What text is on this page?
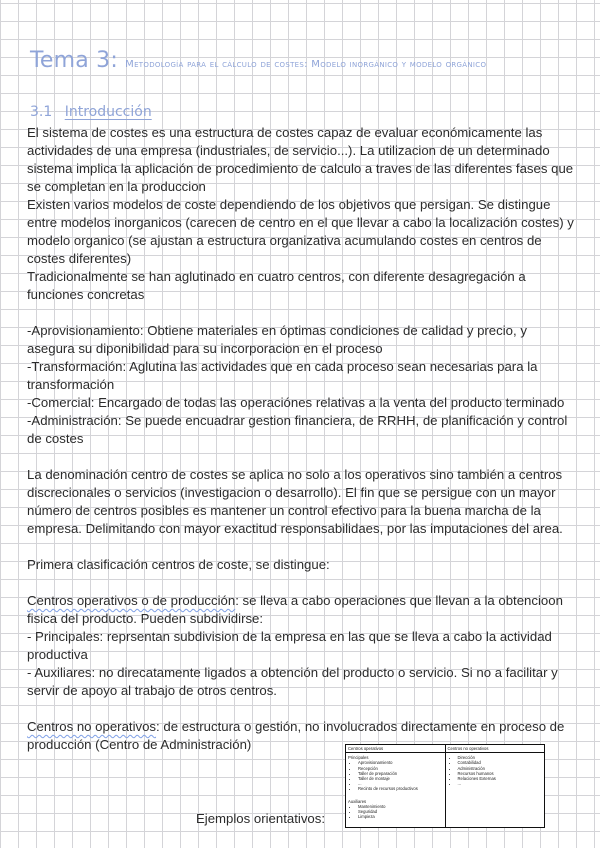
Tema 3: Metodología para el cálculo de costes: Modelo inorgánico y modelo orgánico
3.1 Introducción

El sistema de costes es una estructura de costes capaz de evaluar económicamente las actividades de una empresa (industriales, de servicio...). La utilizacion de un determinado sistema implica la aplicación de procedimiento de calculo a traves de las diferentes fases que se completan en la produccion

Existen varios modelos de coste dependiendo de los objetivos que persigan. Se distingue entre modelos inorganicos (carecen de centro en el que llevar a cabo la localización costes) y modelo organico (se ajustan a estructura organizativa acumulando costes en centros de costes diferentes)

Tradicionalmente se han aglutinado en cuatro centros, con diferente desagregación a funciones concretas

-Aprovisionamiento: Obtiene materiales en óptimas condiciones de calidad y precio, y asegura su diponibilidad para su incorporacion en el proceso

-Transformación: Aglutina las actividades que en cada proceso sean necesarias para la transformación

-Comercial: Encargado de todas las operaciónes relativas a la venta del producto terminado

-Administración: Se puede encuadrar gestion financiera, de RRHH, de planificación y control de costes

La denominación centro de costes se aplica no solo a los operativos sino también a centros discrecionales o servicios (investigacion o desarrollo). El fin que se persigue con un mayor número de centros posibles es mantener un control efectivo para la buena marcha de la empresa. Delimitando con mayor exactitud responsabilidaes, por las imputaciones del area.

Primera clasificación centros de coste, se distingue:

Centros operativos o de producción: se lleva a cabo operaciones que llevan a la obtencioon fisica del producto. Pueden subdividirse:

- Principales: reprsentan subdivision de la empresa en las que se lleva a cabo la actividad productiva

- Auxiliares: no direcatamente ligados a obtención del producto o servicio. Si no a facilitar y servir de apoyo al trabajo de otros centros.

Centros no operativos: de estructura o gestión, no involucrados directamente en proceso de producción (Centro de Administración)

Ejemplos orientativos:
Centros operativos
Principales
• Aprovisionamiento
• Recepción
• Taller de preparación
• Taller de montaje
• ...
• Recinto de recursos productivos
Auxiliares
• Mantenimiento
• Seguridad
• Limpieza
Centros no operativos
• Dirección
• Contabilidad
• Administración
• Recursos humanos
• Relaciones Externas
• ...
